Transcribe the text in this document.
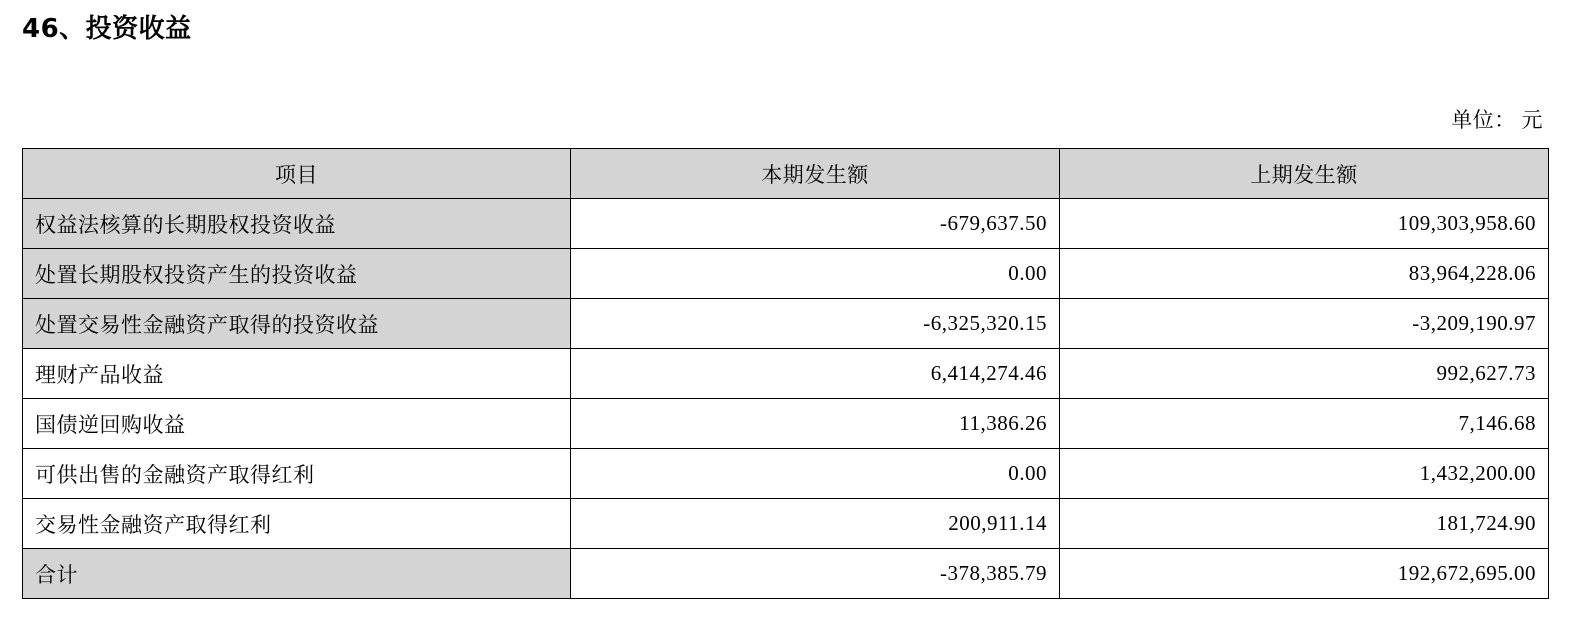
46、投资收益
单位： 元
项目	本期发生额	上期发生额
权益法核算的长期股权投资收益	-679,637.50	109,303,958.60
处置长期股权投资产生的投资收益	0.00	83,964,228.06
处置交易性金融资产取得的投资收益	-6,325,320.15	-3,209,190.97
理财产品收益	6,414,274.46	992,627.73
国债逆回购收益	11,386.26	7,146.68
可供出售的金融资产取得红利	0.00	1,432,200.00
交易性金融资产取得红利	200,911.14	181,724.90
合计	-378,385.79	192,672,695.00
